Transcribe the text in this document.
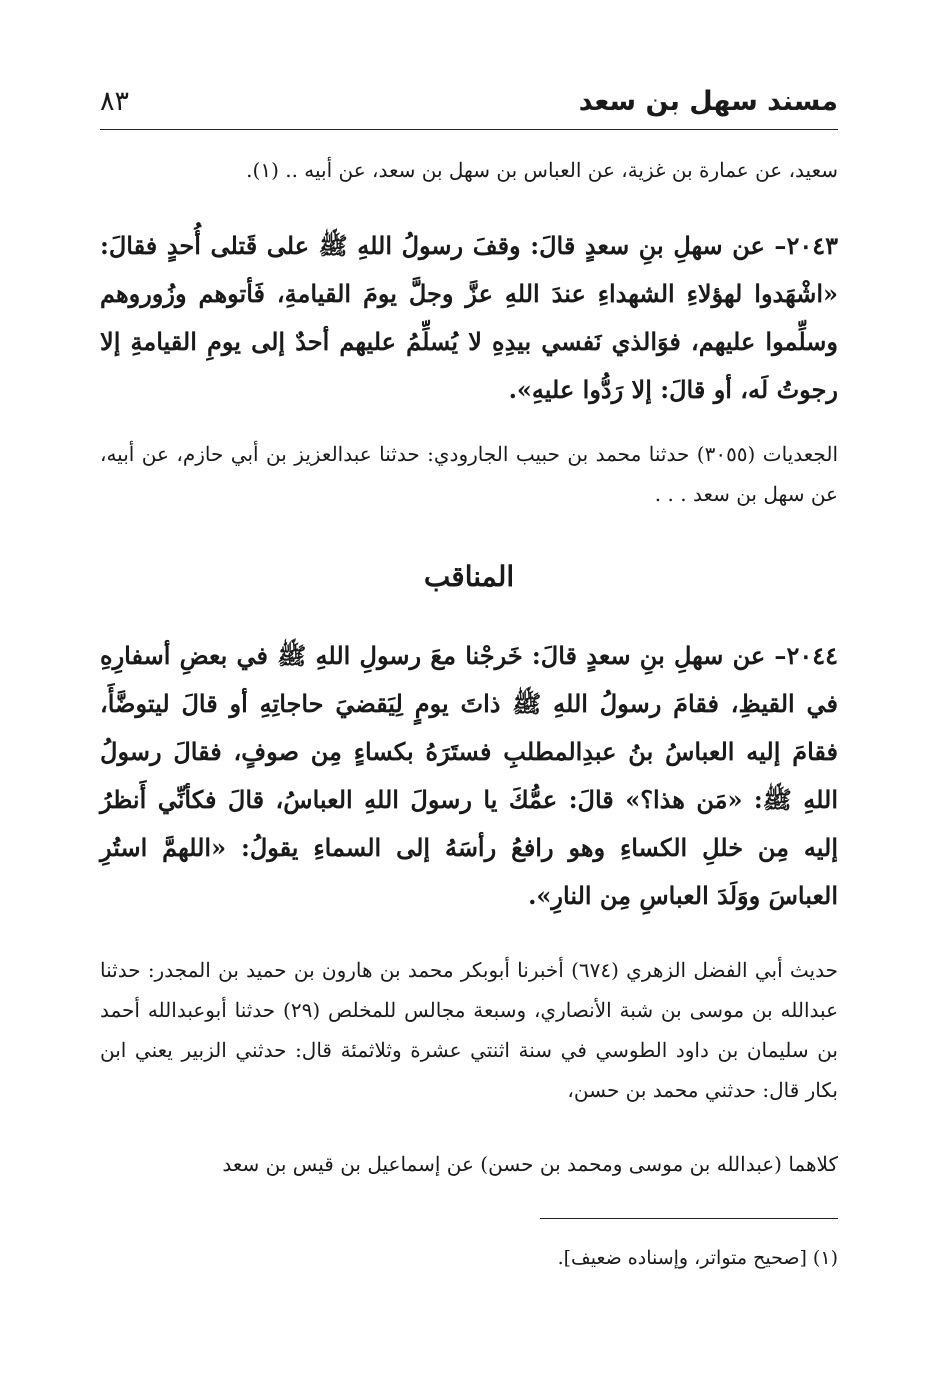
مسند سهل بن سعد
٨٣

سعيد، عن عمارة بن غزية، عن العباس بن سهل بن سعد، عن أبيه .. (١).

٢٠٤٣– عن سهلِ بنِ سعدٍ قالَ: وقفَ رسولُ اللهِ ﷺ على قَتلى أُحدٍ فقالَ: «اشْهَدوا لهؤلاءِ الشهداءِ عندَ اللهِ عزَّ وجلَّ يومَ القيامةِ، فَأتوهم وزُوروهم وسلِّموا عليهم، فوَالذي نَفسي بيدِهِ لا يُسلِّمُ عليهم أحدٌ إلى يومِ القيامةِ إلا رجوتُ لَه، أو قالَ: إلا رَدُّوا عليهِ».

الجعديات (٣٠٥٥) حدثنا محمد بن حبيب الجارودي: حدثنا عبدالعزيز بن أبي حازم، عن أبيه، عن سهل بن سعد . . .

المناقب

٢٠٤٤– عن سهلِ بنِ سعدٍ قالَ: خَرجْنا معَ رسولِ اللهِ ﷺ في بعضِ أسفارِهِ في القيظِ، فقامَ رسولُ اللهِ ﷺ ذاتَ يومٍ لِيَقضيَ حاجاتِهِ أو قالَ ليتوضَّأَ، فقامَ إليه العباسُ بنُ عبدِالمطلبِ فستَرَهُ بكساءٍ مِن صوفٍ، فقالَ رسولُ اللهِ ﷺ: «مَن هذا؟» قالَ: عمُّكَ يا رسولَ اللهِ العباسُ، قالَ فكأنِّي أَنظرُ إليه مِن خللِ الكساءِ وهو رافعُ رأسَهُ إلى السماءِ يقولُ: «اللهمَّ استُرِ العباسَ ووَلَدَ العباسِ مِن النارِ».

حديث أبي الفضل الزهري (٦٧٤) أخبرنا أبوبكر محمد بن هارون بن حميد بن المجدر: حدثنا عبدالله بن موسى بن شبة الأنصاري، وسبعة مجالس للمخلص (٢٩) حدثنا أبوعبدالله أحمد بن سليمان بن داود الطوسي في سنة اثنتي عشرة وثلاثمئة قال: حدثني الزبير يعني ابن بكار قال: حدثني محمد بن حسن،

كلاهما (عبدالله بن موسى ومحمد بن حسن) عن إسماعيل بن قيس بن سعد

(١) [صحيح متواتر، وإسناده ضعيف].
